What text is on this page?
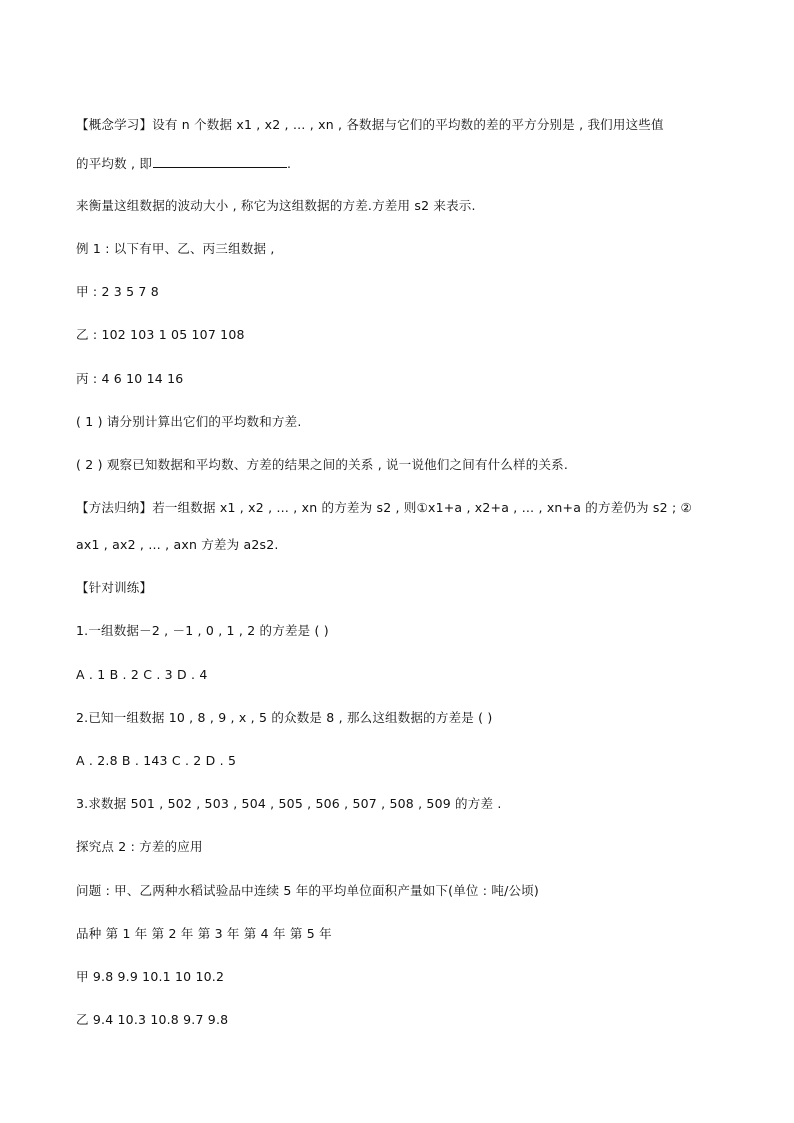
【概念学习】设有 n 个数据 x1 , x2 , … , xn , 各数据与它们的平均数的差的平方分别是 , 我们用这些值
的平均数 , 即	.
来衡量这组数据的波动大小 , 称它为这组数据的方差.方差用 s2 来表示.
例 1 : 以下有甲、乙、丙三组数据 ,
甲 : 2 3 5 7 8
乙 : 102 103 1 05 107 108
丙 : 4 6 10 14 16
( 1 ) 请分别计算出它们的平均数和方差.
( 2 ) 观察已知数据和平均数、方差的结果之间的关系 , 说一说他们之间有什么样的关系.
【方法归纳】若一组数据 x1 , x2 , … , xn 的方差为 s2 , 则①x1+a , x2+a , … , xn+a 的方差仍为 s2 ; ②
ax1 , ax2 , … , axn 方差为 a2s2.
【针对训练】
1.一组数据－2 , －1 , 0 , 1 , 2 的方差是 ( )
A . 1 B . 2 C . 3 D . 4
2.已知一组数据 10 , 8 , 9 , x , 5 的众数是 8 , 那么这组数据的方差是 ( )
A . 2.8 B . 143 C . 2 D . 5
3.求数据 501 , 502 , 503 , 504 , 505 , 506 , 507 , 508 , 509 的方差 .
探究点 2 : 方差的应用
问题 : 甲、乙两种水稻试验品中连续 5 年的平均单位面积产量如下(单位 : 吨/公顷)
品种 第 1 年 第 2 年 第 3 年 第 4 年 第 5 年
甲 9.8 9.9 10.1 10 10.2
乙 9.4 10.3 10.8 9.7 9.8
